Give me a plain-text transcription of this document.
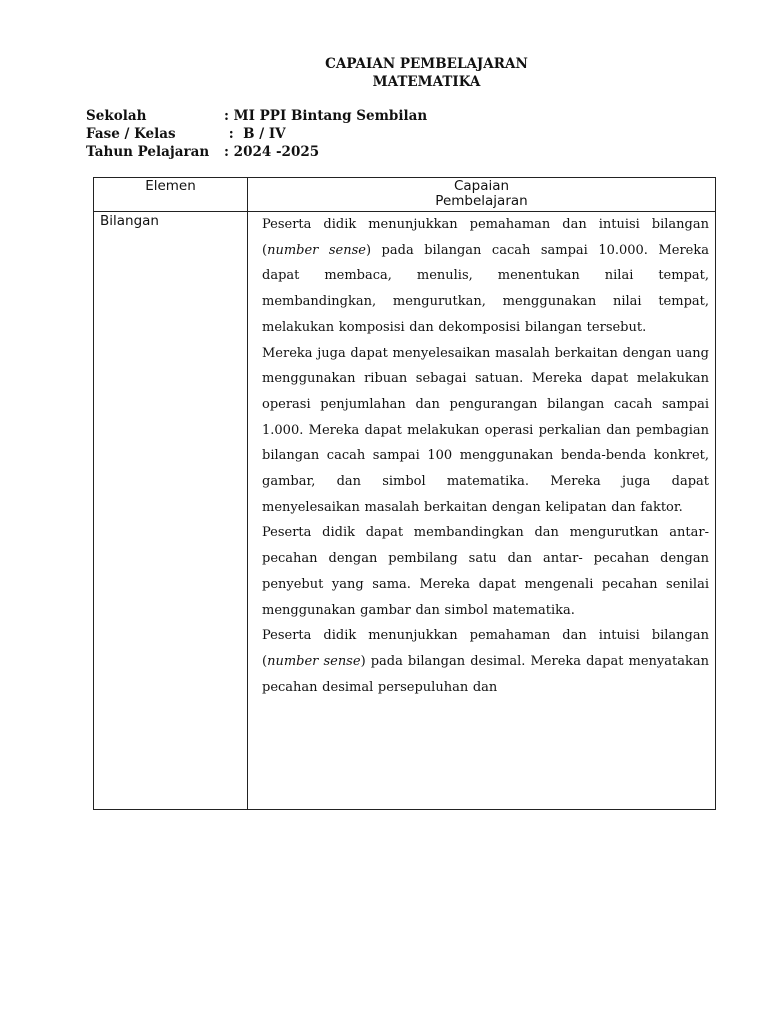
CAPAIAN PEMBELAJARAN
MATEMATIKA
Sekolah	: MI PPI Bintang Sembilan
Fase / Kelas	:  B / IV
Tahun Pelajaran : 2024 -2025
Elemen	Capaian
Pembelajaran
Bilangan	Peserta didik menunjukkan pemahaman dan intuisi bilangan (number sense) pada bilangan cacah sampai 10.000. Mereka dapat membaca, menulis, menentukan nilai tempat, membandingkan, mengurutkan, menggunakan nilai tempat, melakukan komposisi dan dekomposisi bilangan tersebut.

Mereka juga dapat menyelesaikan masalah berkaitan dengan uang menggunakan ribuan sebagai satuan. Mereka dapat melakukan operasi penjumlahan dan pengurangan bilangan cacah sampai 1.000. Mereka dapat melakukan operasi perkalian dan pembagian bilangan cacah sampai 100 menggunakan benda-benda konkret, gambar, dan simbol matematika. Mereka juga dapat menyelesaikan masalah berkaitan dengan kelipatan dan faktor.

Peserta didik dapat membandingkan dan mengurutkan antar-pecahan dengan pembilang satu dan antar- pecahan dengan penyebut yang sama. Mereka dapat mengenali pecahan senilai menggunakan gambar dan simbol matematika.

Peserta didik menunjukkan pemahaman dan intuisi bilangan (number sense) pada bilangan desimal. Mereka dapat menyatakan pecahan desimal persepuluhan dan
